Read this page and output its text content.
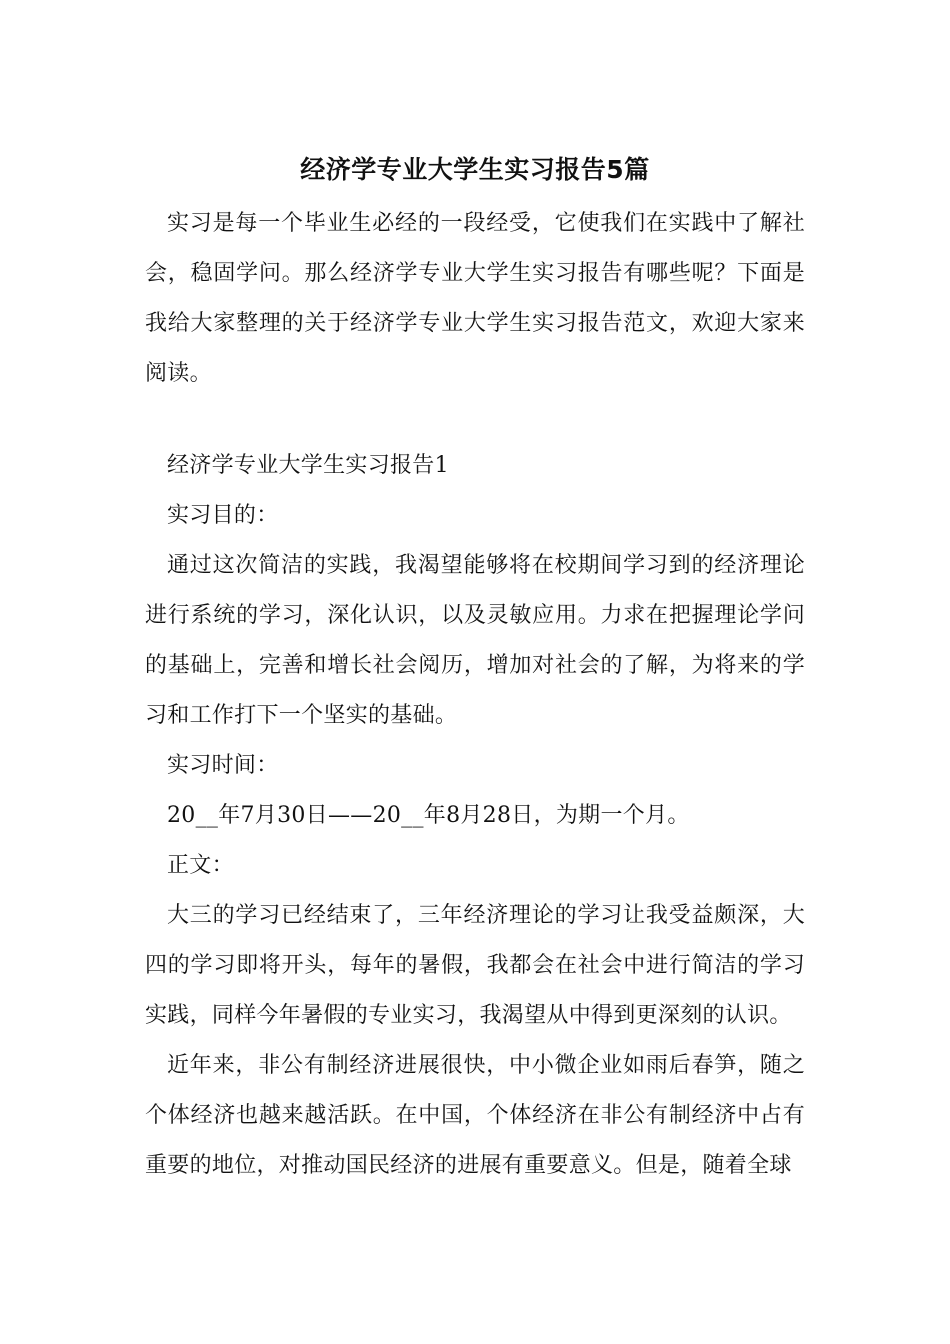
经济学专业大学生实习报告5篇

实习是每一个毕业生必经的一段经受，它使我们在实践中了解社会，稳固学问。那么经济学专业大学生实习报告有哪些呢？下面是我给大家整理的关于经济学专业大学生实习报告范文，欢迎大家来阅读。

经济学专业大学生实习报告1

实习目的：

通过这次简洁的实践，我渴望能够将在校期间学习到的经济理论进行系统的学习，深化认识，以及灵敏应用。力求在把握理论学问的基础上，完善和增长社会阅历，增加对社会的了解，为将来的学习和工作打下一个坚实的基础。

实习时间：

20__年7月30日——20__年8月28日，为期一个月。

正文：

大三的学习已经结束了，三年经济理论的学习让我受益颇深，大四的学习即将开头，每年的暑假，我都会在社会中进行简洁的学习实践，同样今年暑假的专业实习，我渴望从中得到更深刻的认识。

近年来，非公有制经济进展很快，中小微企业如雨后春笋，随之个体经济也越来越活跃。在中国，个体经济在非公有制经济中占有重要的地位，对推动国民经济的进展有重要意义。但是，随着全球
